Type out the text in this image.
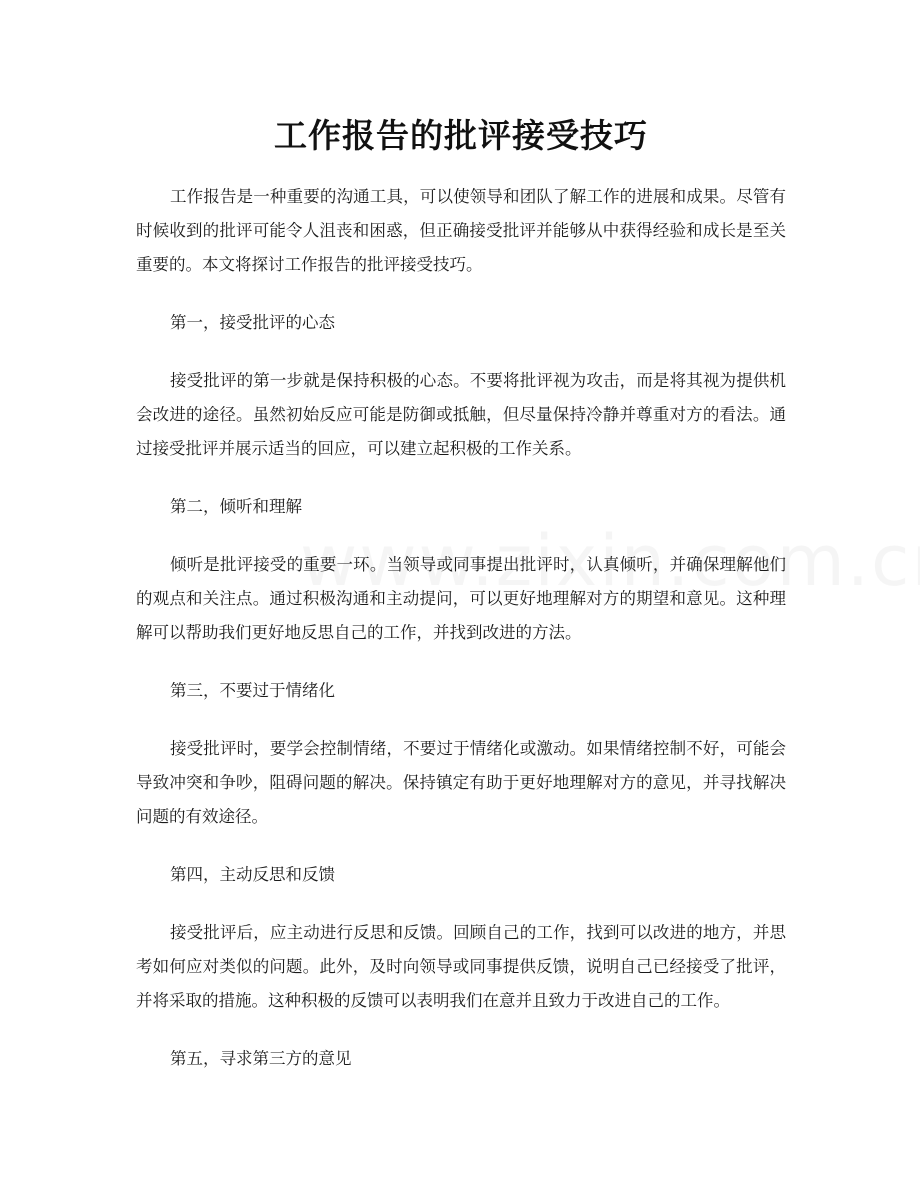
工作报告的批评接受技巧

工作报告是一种重要的沟通工具，可以使领导和团队了解工作的进展和成果。尽管有时候收到的批评可能令人沮丧和困惑，但正确接受批评并能够从中获得经验和成长是至关重要的。本文将探讨工作报告的批评接受技巧。

第一，接受批评的心态

接受批评的第一步就是保持积极的心态。不要将批评视为攻击，而是将其视为提供机会改进的途径。虽然初始反应可能是防御或抵触，但尽量保持冷静并尊重对方的看法。通过接受批评并展示适当的回应，可以建立起积极的工作关系。

第二，倾听和理解

倾听是批评接受的重要一环。当领导或同事提出批评时，认真倾听，并确保理解他们的观点和关注点。通过积极沟通和主动提问，可以更好地理解对方的期望和意见。这种理解可以帮助我们更好地反思自己的工作，并找到改进的方法。

第三，不要过于情绪化

接受批评时，要学会控制情绪，不要过于情绪化或激动。如果情绪控制不好，可能会导致冲突和争吵，阻碍问题的解决。保持镇定有助于更好地理解对方的意见，并寻找解决问题的有效途径。

第四，主动反思和反馈

接受批评后，应主动进行反思和反馈。回顾自己的工作，找到可以改进的地方，并思考如何应对类似的问题。此外，及时向领导或同事提供反馈，说明自己已经接受了批评，并将采取的措施。这种积极的反馈可以表明我们在意并且致力于改进自己的工作。

第五，寻求第三方的意见
